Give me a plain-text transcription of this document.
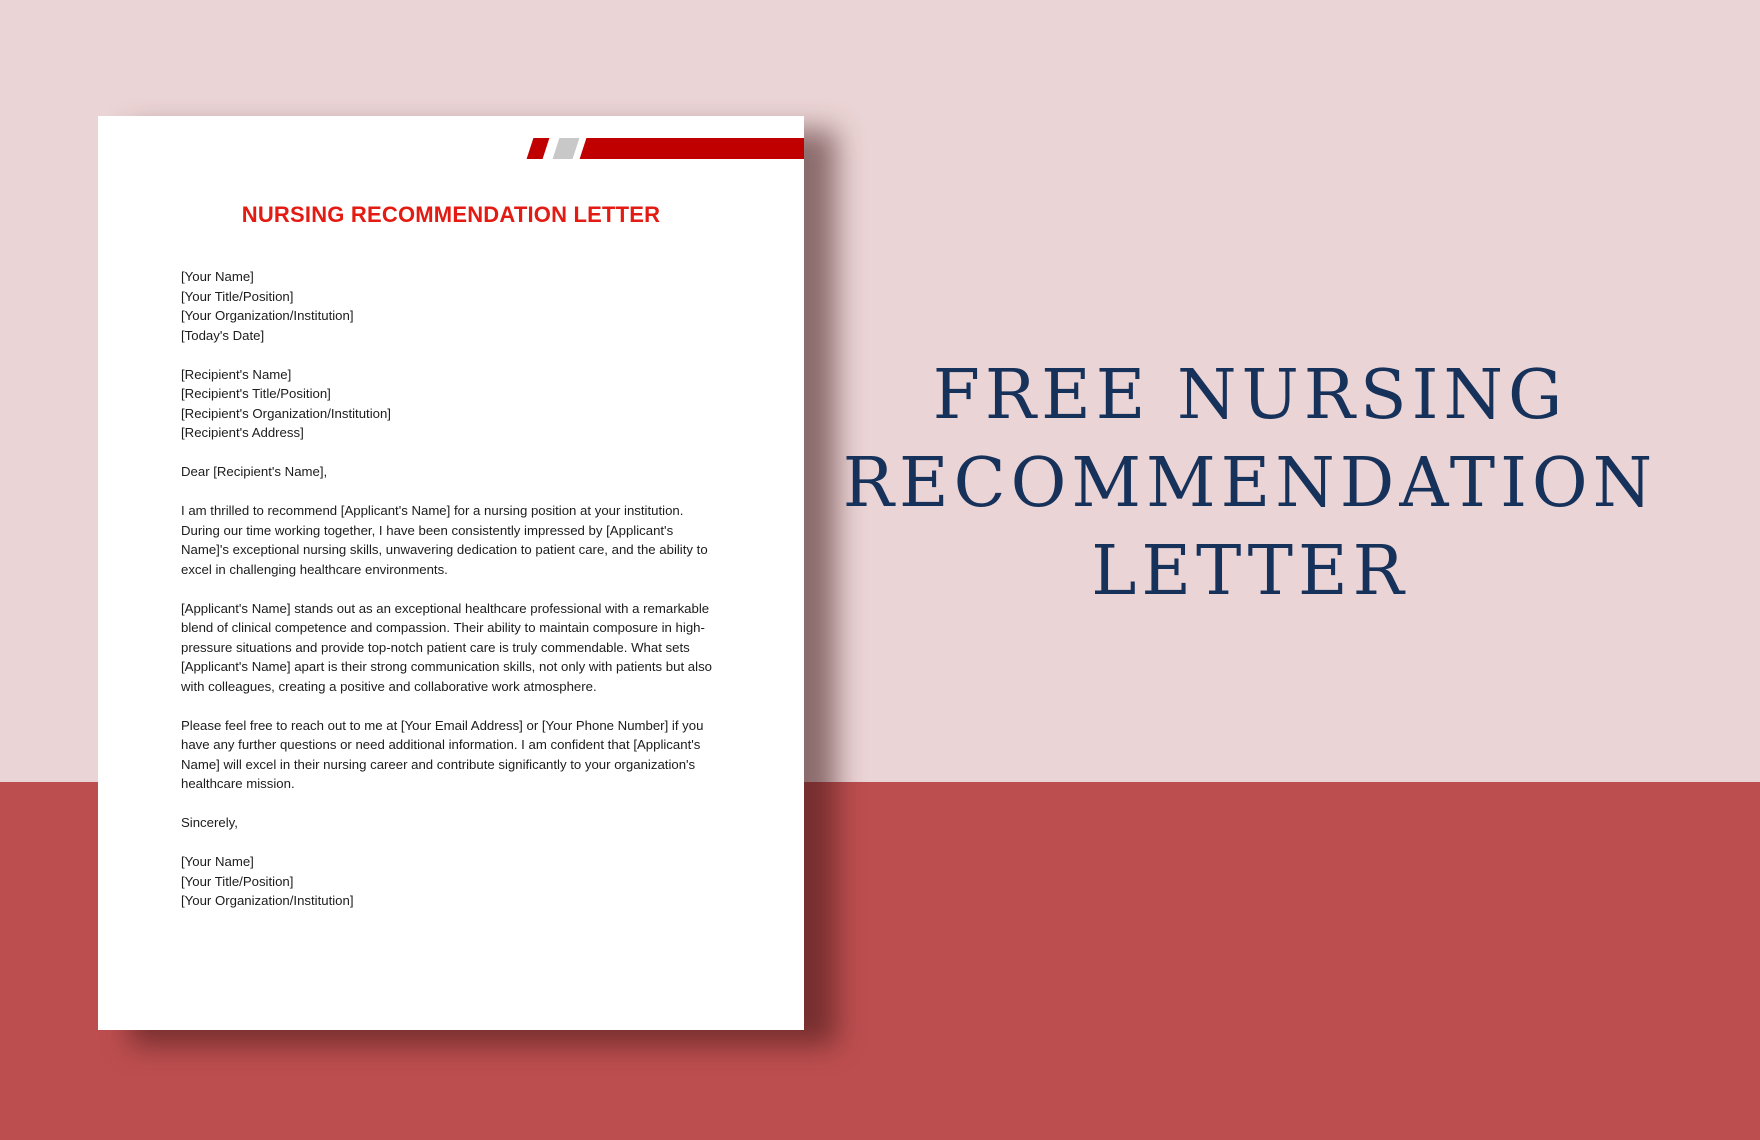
NURSING RECOMMENDATION LETTER

[Your Name]
[Your Title/Position]
[Your Organization/Institution]
[Today's Date]

[Recipient's Name]
[Recipient's Title/Position]
[Recipient's Organization/Institution]
[Recipient's Address]

Dear [Recipient's Name],

I am thrilled to recommend [Applicant's Name] for a nursing position at your institution. During our time working together, I have been consistently impressed by [Applicant's Name]'s exceptional nursing skills, unwavering dedication to patient care, and the ability to excel in challenging healthcare environments.

[Applicant's Name] stands out as an exceptional healthcare professional with a remarkable blend of clinical competence and compassion. Their ability to maintain composure in high-pressure situations and provide top-notch patient care is truly commendable. What sets [Applicant's Name] apart is their strong communication skills, not only with patients but also with colleagues, creating a positive and collaborative work atmosphere.

Please feel free to reach out to me at [Your Email Address] or [Your Phone Number] if you have any further questions or need additional information. I am confident that [Applicant's Name] will excel in their nursing career and contribute significantly to your organization's healthcare mission.

Sincerely,

[Your Name]
[Your Title/Position]
[Your Organization/Institution]

FREE NURSING
RECOMMENDATION
LETTER
